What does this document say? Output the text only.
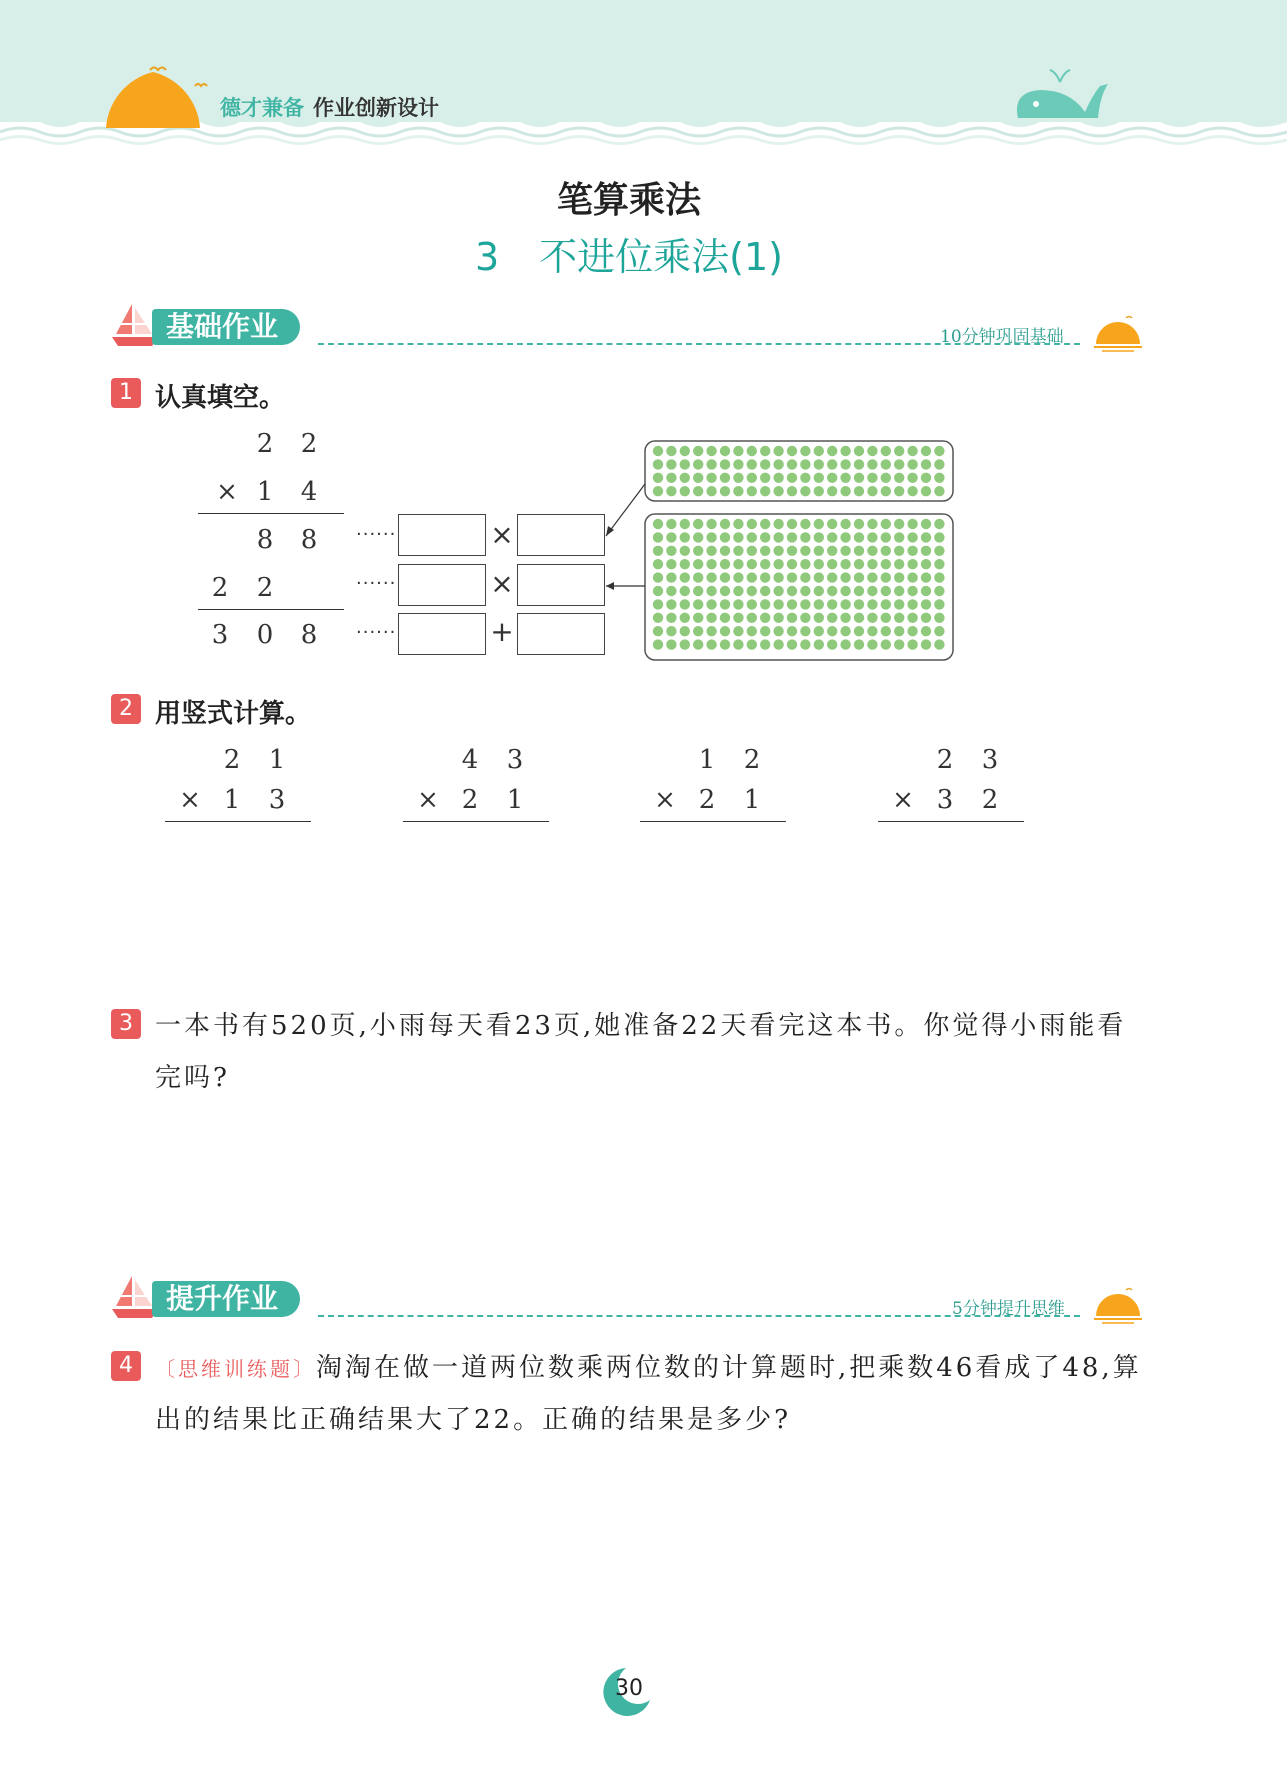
德才兼备 作业创新设计
笔算乘法
3 不进位乘法(1)
基础作业	10分钟巩固基础
1 认真填空。
2 2
× 1 4
8 8
2 2
3 0 8
······	×
······	×
······	+
2 用竖式计算。
2 1
× 1 3
4 3
× 2 1
1 2
× 2 1
2 3
× 3 2
3 一本书有520页,小雨每天看23页,她准备22天看完这本书。你觉得小雨能看
完吗?
提升作业	5分钟提升思维
4	〔思维训练题〕淘淘在做一道两位数乘两位数的计算题时,把乘数46看成了48,算
出的结果比正确结果大了22。正确的结果是多少?
30
